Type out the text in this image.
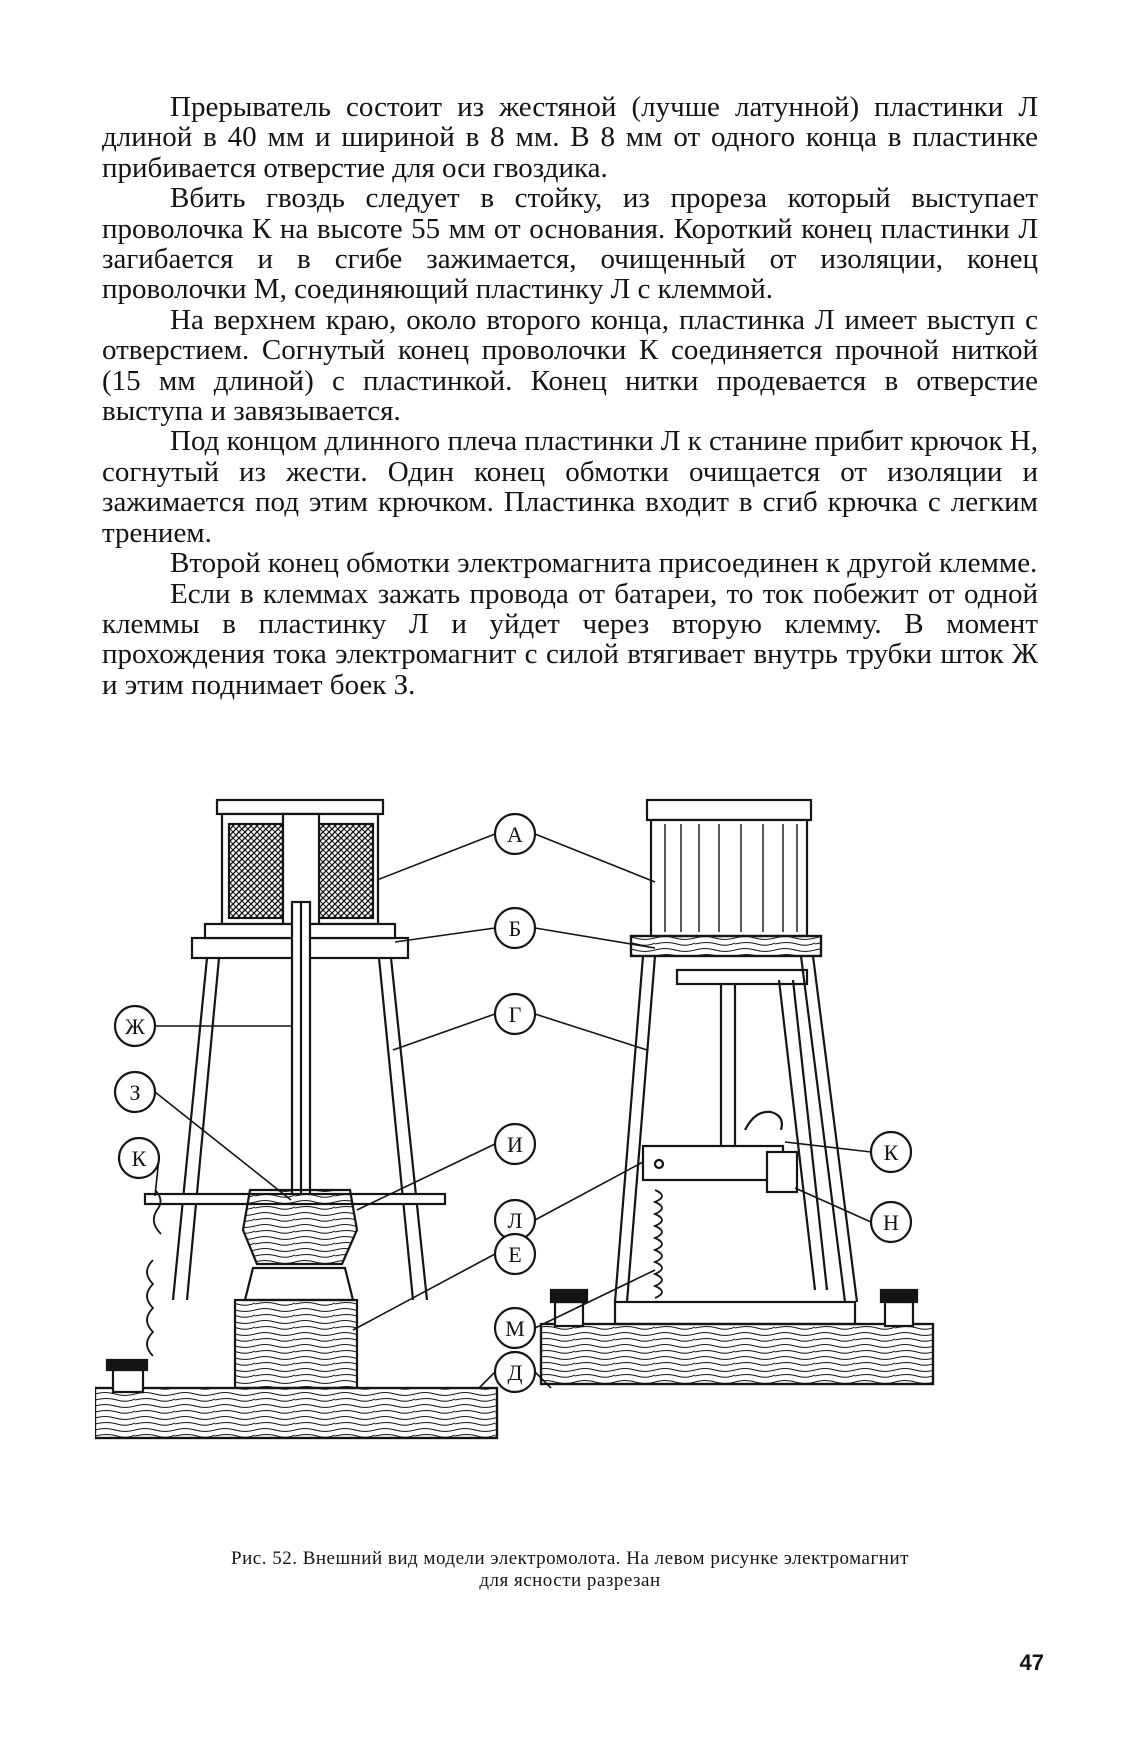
Прерыватель состоит из жестяной (лучше латунной) пластинки Л длиной в 40 мм и шириной в 8 мм. В 8 мм от одного конца в пластинке прибивается отверстие для оси гвоздика.

Вбить гвоздь следует в стойку, из прореза который выступает проволочка К на высоте 55 мм от основания. Короткий конец пластинки Л загибается и в сгибе зажимается, очищенный от изоляции, конец проволочки М, соединяющий пластинку Л с клеммой.

На верхнем краю, около второго конца, пластинка Л имеет выступ с отверстием. Согнутый конец проволочки К соединяется прочной ниткой (15 мм длиной) с пластинкой. Конец нитки продевается в отверстие выступа и завязывается.

Под концом длинного плеча пластинки Л к станине прибит крючок Н, согнутый из жести. Один конец обмотки очищается от изоляции и зажимается под этим крючком. Пластинка входит в сгиб крючка с легким трением.

Второй конец обмотки электромагнита присоединен к другой клемме.

Если в клеммах зажать провода от батареи, то ток побежит от одной клеммы в пластинку Л и уйдет через вторую клемму. В момент прохождения тока электромагнит с силой втягивает внутрь трубки шток Ж и этим поднимает боек З.

А
Б
Г
Ж
З
К
И
Л
Е
М
Д
К
Н
Рис. 52. Внешний вид модели электромолота. На левом рисунке электромагнит
для ясности разрезан
47
